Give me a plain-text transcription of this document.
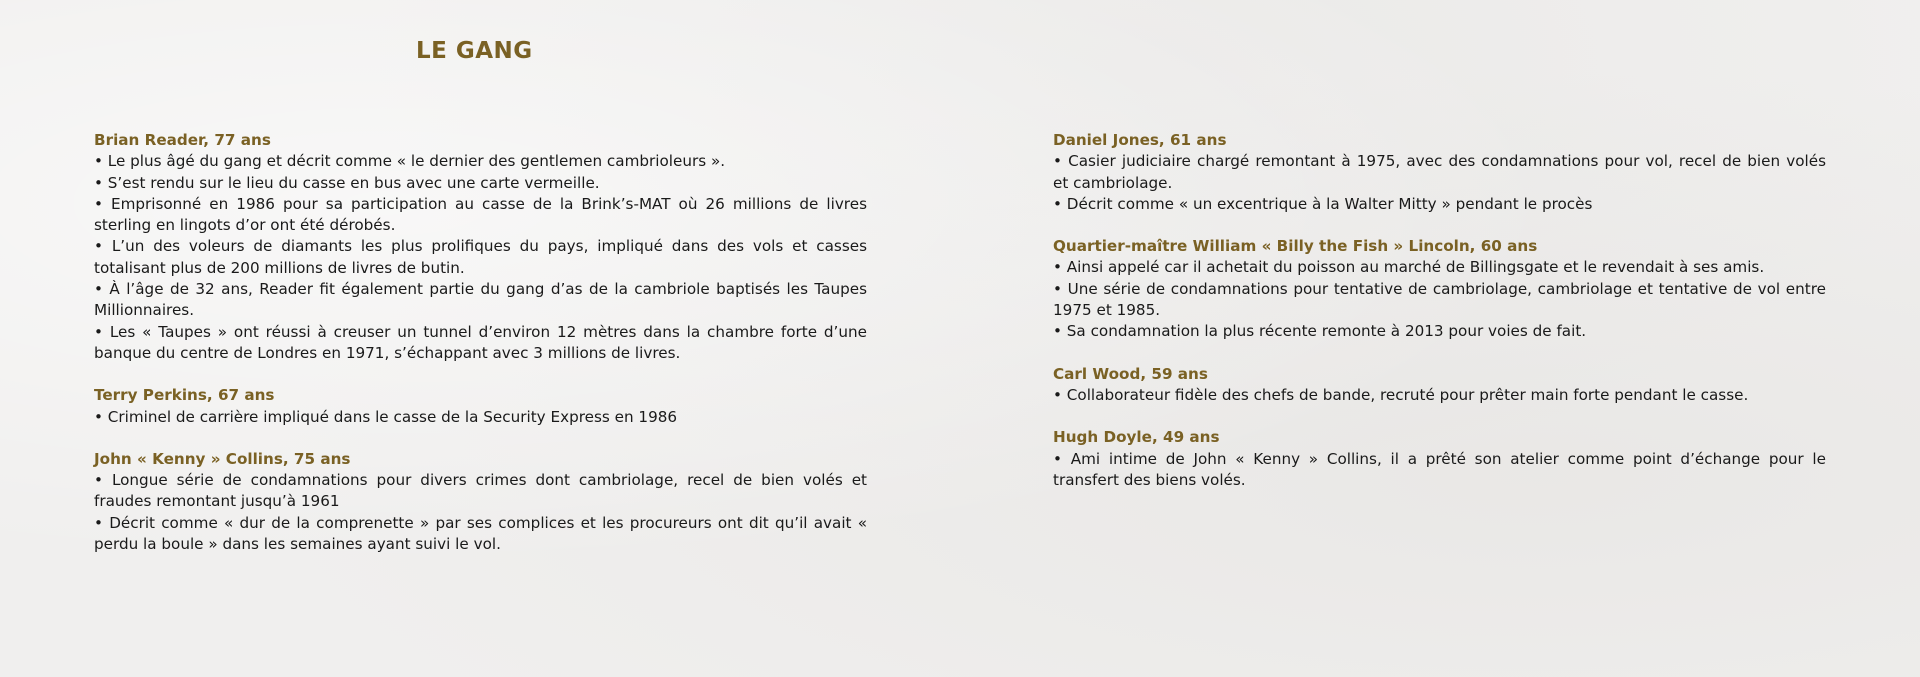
LE GANG

Brian Reader, 77 ans

• Le plus âgé du gang et décrit comme « le dernier des gentlemen cambrioleurs ».
• S’est rendu sur le lieu du casse en bus avec une carte vermeille.
• Emprisonné en 1986 pour sa participation au casse de la Brink’s-MAT où 26 millions de livres sterling en lingots d’or ont été dérobés.
• L’un des voleurs de diamants les plus prolifiques du pays, impliqué dans des vols et casses totalisant plus de 200 millions de livres de butin.
• À l’âge de 32 ans, Reader fit également partie du gang d’as de la cambriole baptisés les Taupes Millionnaires.
• Les « Taupes » ont réussi à creuser un tunnel d’environ 12 mètres dans la chambre forte d’une banque du centre de Londres en 1971, s’échappant avec 3 millions de livres.

Terry Perkins, 67 ans

• Criminel de carrière impliqué dans le casse de la Security Express en 1986

John « Kenny » Collins, 75 ans

• Longue série de condamnations pour divers crimes dont cambriolage, recel de bien volés et fraudes remontant jusqu’à 1961
• Décrit comme « dur de la comprenette » par ses complices et les procureurs ont dit qu’il avait « perdu la boule » dans les semaines ayant suivi le vol.

Daniel Jones, 61 ans

• Casier judiciaire chargé remontant à 1975, avec des condamnations pour vol, recel de bien volés et cambriolage.
• Décrit comme « un excentrique à la Walter Mitty » pendant le procès

Quartier-maître William « Billy the Fish » Lincoln, 60 ans

• Ainsi appelé car il achetait du poisson au marché de Billingsgate et le revendait à ses amis.
• Une série de condamnations pour tentative de cambriolage, cambriolage et tentative de vol entre 1975 et 1985.
• Sa condamnation la plus récente remonte à 2013 pour voies de fait.

Carl Wood, 59 ans

• Collaborateur fidèle des chefs de bande, recruté pour prêter main forte pendant le casse.

Hugh Doyle, 49 ans

• Ami intime de John « Kenny » Collins, il a prêté son atelier comme point d’échange pour le transfert des biens volés.
